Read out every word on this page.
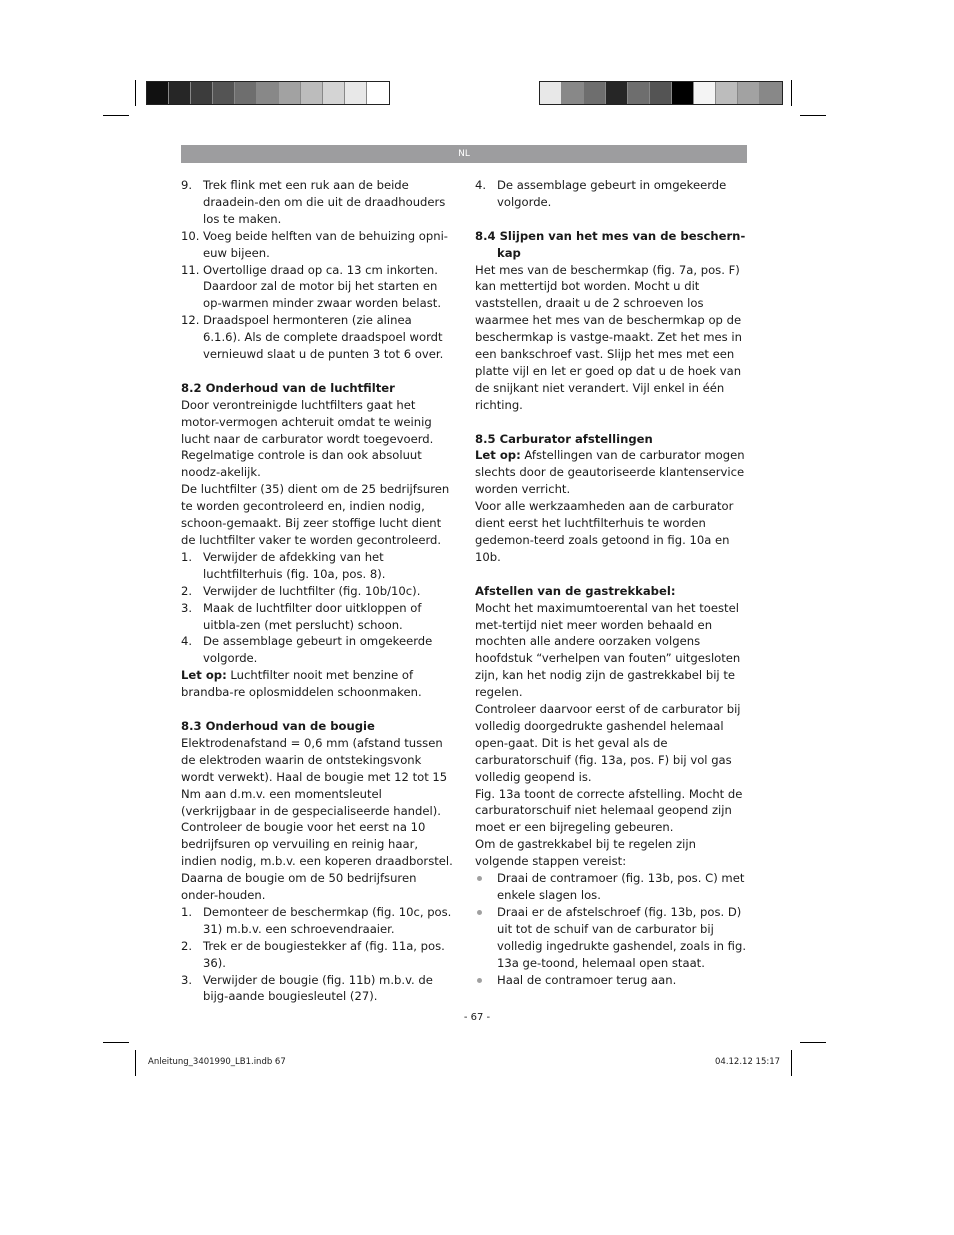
NL
9. Trek flink met een ruk aan de beide draadein-den om die uit de draadhouders los te maken.
10. Voeg beide helften van de behuizing opni-euw bijeen.
11. Overtollige draad op ca. 13 cm inkorten. Daardoor zal de motor bij het starten en op-warmen minder zwaar worden belast.
12. Draadspoel hermonteren (zie alinea 6.1.6). Als de complete draadspoel wordt vernieuwd slaat u de punten 3 tot 6 over.
8.2 Onderhoud van de luchtfilter

Door verontreinigde luchtfilters gaat het motor-vermogen achteruit omdat te weinig lucht naar de carburator wordt toegevoerd.

Regelmatige controle is dan ook absoluut noodz-akelijk.

De luchtfilter (35) dient om de 25 bedrijfsuren te worden gecontroleerd en, indien nodig, schoon-gemaakt. Bij zeer stoffige lucht dient de luchtfilter vaker te worden gecontroleerd.

1. Verwijder de afdekking van het luchtfilterhuis (fig. 10a, pos. 8).
2. Verwijder de luchtfilter (fig. 10b/10c).
3. Maak de luchtfilter door uitkloppen of uitbla-zen (met perslucht) schoon.
4. De assemblage gebeurt in omgekeerde volgorde.

Let op: Luchtfilter nooit met benzine of brandba-re oplosmiddelen schoonmaken.

8.3 Onderhoud van de bougie

Elektrodenafstand = 0,6 mm (afstand tussen de elektroden waarin de ontstekingsvonk wordt verwekt). Haal de bougie met 12 tot 15 Nm aan d.m.v. een momentsleutel (verkrijgbaar in de gespecialiseerde handel). Controleer de bougie voor het eerst na 10 bedrijfsuren op vervuiling en reinig haar, indien nodig, m.b.v. een koperen draadborstel.

Daarna de bougie om de 50 bedrijfsuren onder-houden.

1. Demonteer de beschermkap (fig. 10c, pos. 31) m.b.v. een schroevendraaier.
2. Trek er de bougiestekker af (fig. 11a, pos. 36).
3. Verwijder de bougie (fig. 11b) m.b.v. de bijg-aande bougiesleutel (27).
4. De assemblage gebeurt in omgekeerde volgorde.
8.4 Slijpen van het mes van de beschern-
kap

Het mes van de beschermkap (fig. 7a, pos. F) kan mettertijd bot worden. Mocht u dit vaststellen, draait u de 2 schroeven los waarmee het mes van de beschermkap op de beschermkap is vastge-maakt. Zet het mes in een bankschroef vast. Slijp het mes met een platte vijl en let er goed op dat u de hoek van de snijkant niet verandert. Vijl enkel in één richting.

8.5 Carburator afstellingen

Let op: Afstellingen van de carburator mogen slechts door de geautoriseerde klantenservice worden verricht.

Voor alle werkzaamheden aan de carburator dient eerst het luchtfilterhuis te worden gedemon-teerd zoals getoond in fig. 10a en 10b.

Afstellen van de gastrekkabel:

Mocht het maximumtoerental van het toestel met-tertijd niet meer worden behaald en mochten alle andere oorzaken volgens hoofdstuk “verhelpen van fouten” uitgesloten zijn, kan het nodig zijn de gastrekkabel bij te regelen.

Controleer daarvoor eerst of de carburator bij volledig doorgedrukte gashendel helemaal open-gaat. Dit is het geval als de carburatorschuif (fig. 13a, pos. F) bij vol gas volledig geopend is.

Fig. 13a toont de correcte afstelling. Mocht de carburatorschuif niet helemaal geopend zijn moet er een bijregeling gebeuren.

Om de gastrekkabel bij te regelen zijn volgende stappen vereist:

Draai de contramoer (fig. 13b, pos. C) met enkele slagen los.
Draai er de afstelschroef (fig. 13b, pos. D) uit tot de schuif van de carburator bij volledig ingedrukte gashendel, zoals in fig. 13a ge-toond, helemaal open staat.
Haal de contramoer terug aan.
- 67 -
Anleitung_3401990_LB1.indb 67	04.12.12 15:17
